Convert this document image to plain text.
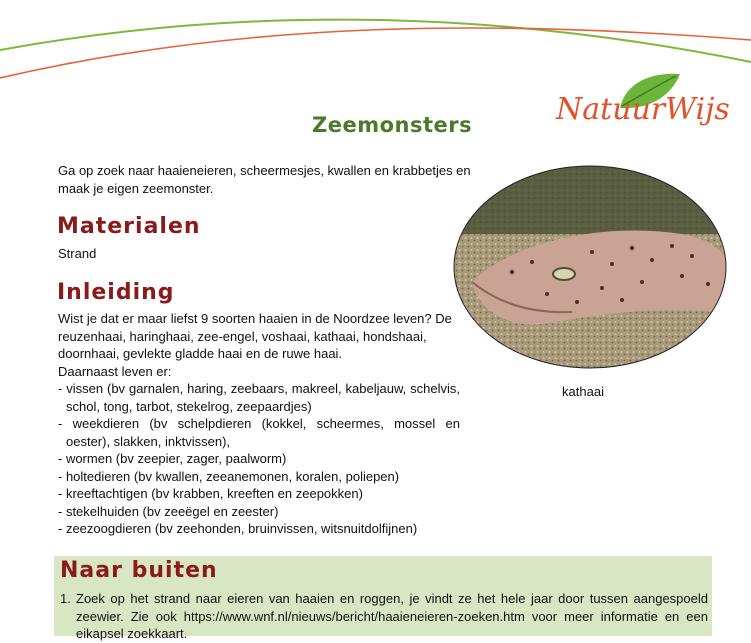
NatuurWijs
Zeemonsters
Ga op zoek naar haaieneieren, scheermesjes, kwallen en krabbetjes en maak je eigen zeemonster.
Materialen
Strand
Inleiding

Wist je dat er maar liefst 9 soorten haaien in de Noordzee leven? De reuzenhaai, haringhaai, zee-engel, voshaai, kathaai, hondshaai, doornhaai, gevlekte gladde haai en de ruwe haai.

Daarnaast leven er:

- vissen (bv garnalen, haring, zeebaars, makreel, kabeljauw, schelvis, schol, tong, tarbot, stekelrog, zeepaardjes)
- weekdieren (bv schelpdieren (kokkel, scheermes, mossel en oester), slakken, inktvissen),
- wormen (bv zeepier, zager, paalworm)
- holtedieren (bv kwallen, zeeanemonen, koralen, poliepen)
- kreeftachtigen (bv krabben, kreeften en zeepokken)
- stekelhuiden (bv zeeëgel en zeester)
- zeezoogdieren (bv zeehonden, bruinvissen, witsnuitdolfijnen)
kathaai
Naar buiten
1. Zoek op het strand naar eieren van haaien en roggen, je vindt ze het hele jaar door tussen aangespoeld zeewier. Zie ook https://www.wnf.nl/nieuws/bericht/haaieneieren-zoeken.htm voor meer informatie en een eikapsel zoekkaart.
